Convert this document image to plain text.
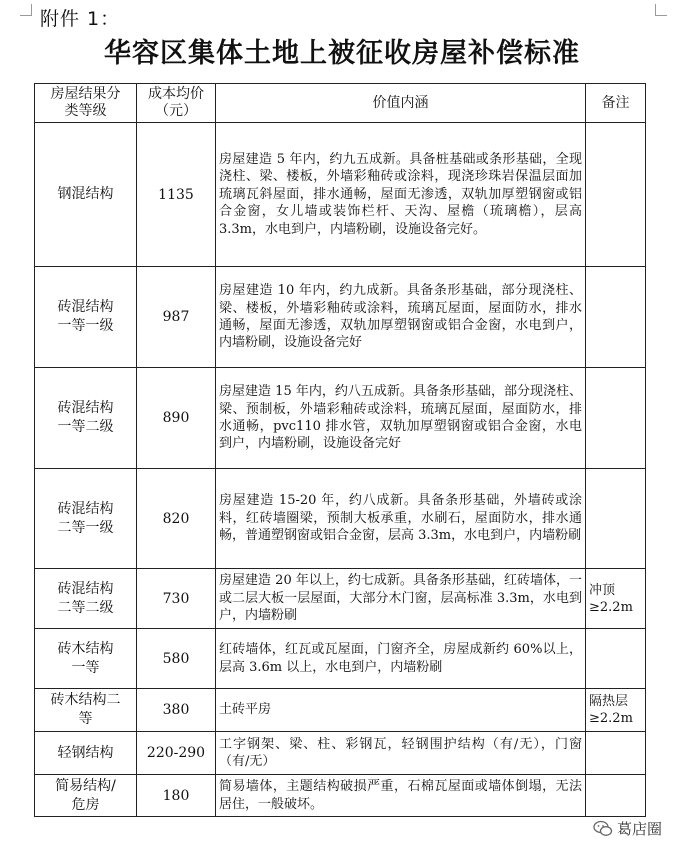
附件 1：
华容区集体土地上被征收房屋补偿标准
房屋结果分类等级	成本均价（元）	价值内涵	备注
钢混结构	1135	房屋建造 5 年内，约九五成新。具备桩基础或条形基础，全现浇柱、梁、楼板，外墙彩釉砖或涂料，现浇珍珠岩保温层面加琉璃瓦斜屋面，排水通畅，屋面无渗透，双轨加厚塑钢窗或铝合金窗，女儿墙或装饰栏杆、天沟、屋檐（琉璃檐），层高 3.3m，水电到户，内墙粉刷，设施设备完好。	

砖混结构一等一级	987	房屋建造 10 年内，约九成新。具备条形基础，部分现浇柱、梁、楼板，外墙彩釉砖或涂料，琉璃瓦屋面，屋面防水，排水通畅，屋面无渗透，双轨加厚塑钢窗或铝合金窗，水电到户，内墙粉刷，设施设备完好	

砖混结构一等二级	890	房屋建造 15 年内，约八五成新。具备条形基础，部分现浇柱、梁、预制板，外墙彩釉砖或涂料，琉璃瓦屋面，屋面防水，排水通畅，pvc110 排水管，双轨加厚塑钢窗或铝合金窗，水电到户，内墙粉刷，设施设备完好	

砖混结构二等一级	820	房屋建造 15-20 年，约八成新。具备条形基础，外墙砖或涂料，红砖墙圈梁，预制大板承重，水刷石，屋面防水，排水通畅，普通塑钢窗或铝合金窗，层高 3.3m，水电到户，内墙粉刷	

砖混结构二等二级	730	房屋建造 20 年以上，约七成新。具备条形基础，红砖墙体，一或二层大板一层屋面，大部分木门窗，层高标准 3.3m，水电到户，内墙粉刷	冲顶≥2.2m

砖木结构一等	580	红砖墙体，红瓦或瓦屋面，门窗齐全，房屋成新约 60%以上，层高 3.6m 以上，水电到户，内墙粉刷	

砖木结构二等	380	土砖平房	隔热层≥2.2m
轻钢结构	220-290	工字钢架、梁、柱、彩钢瓦，轻钢围护结构（有/无），门窗（有/无）	

简易结构/危房	180	简易墙体，主题结构破损严重，石棉瓦屋面或墙体倒塌，无法居住，一般破坏。	
葛店圈
